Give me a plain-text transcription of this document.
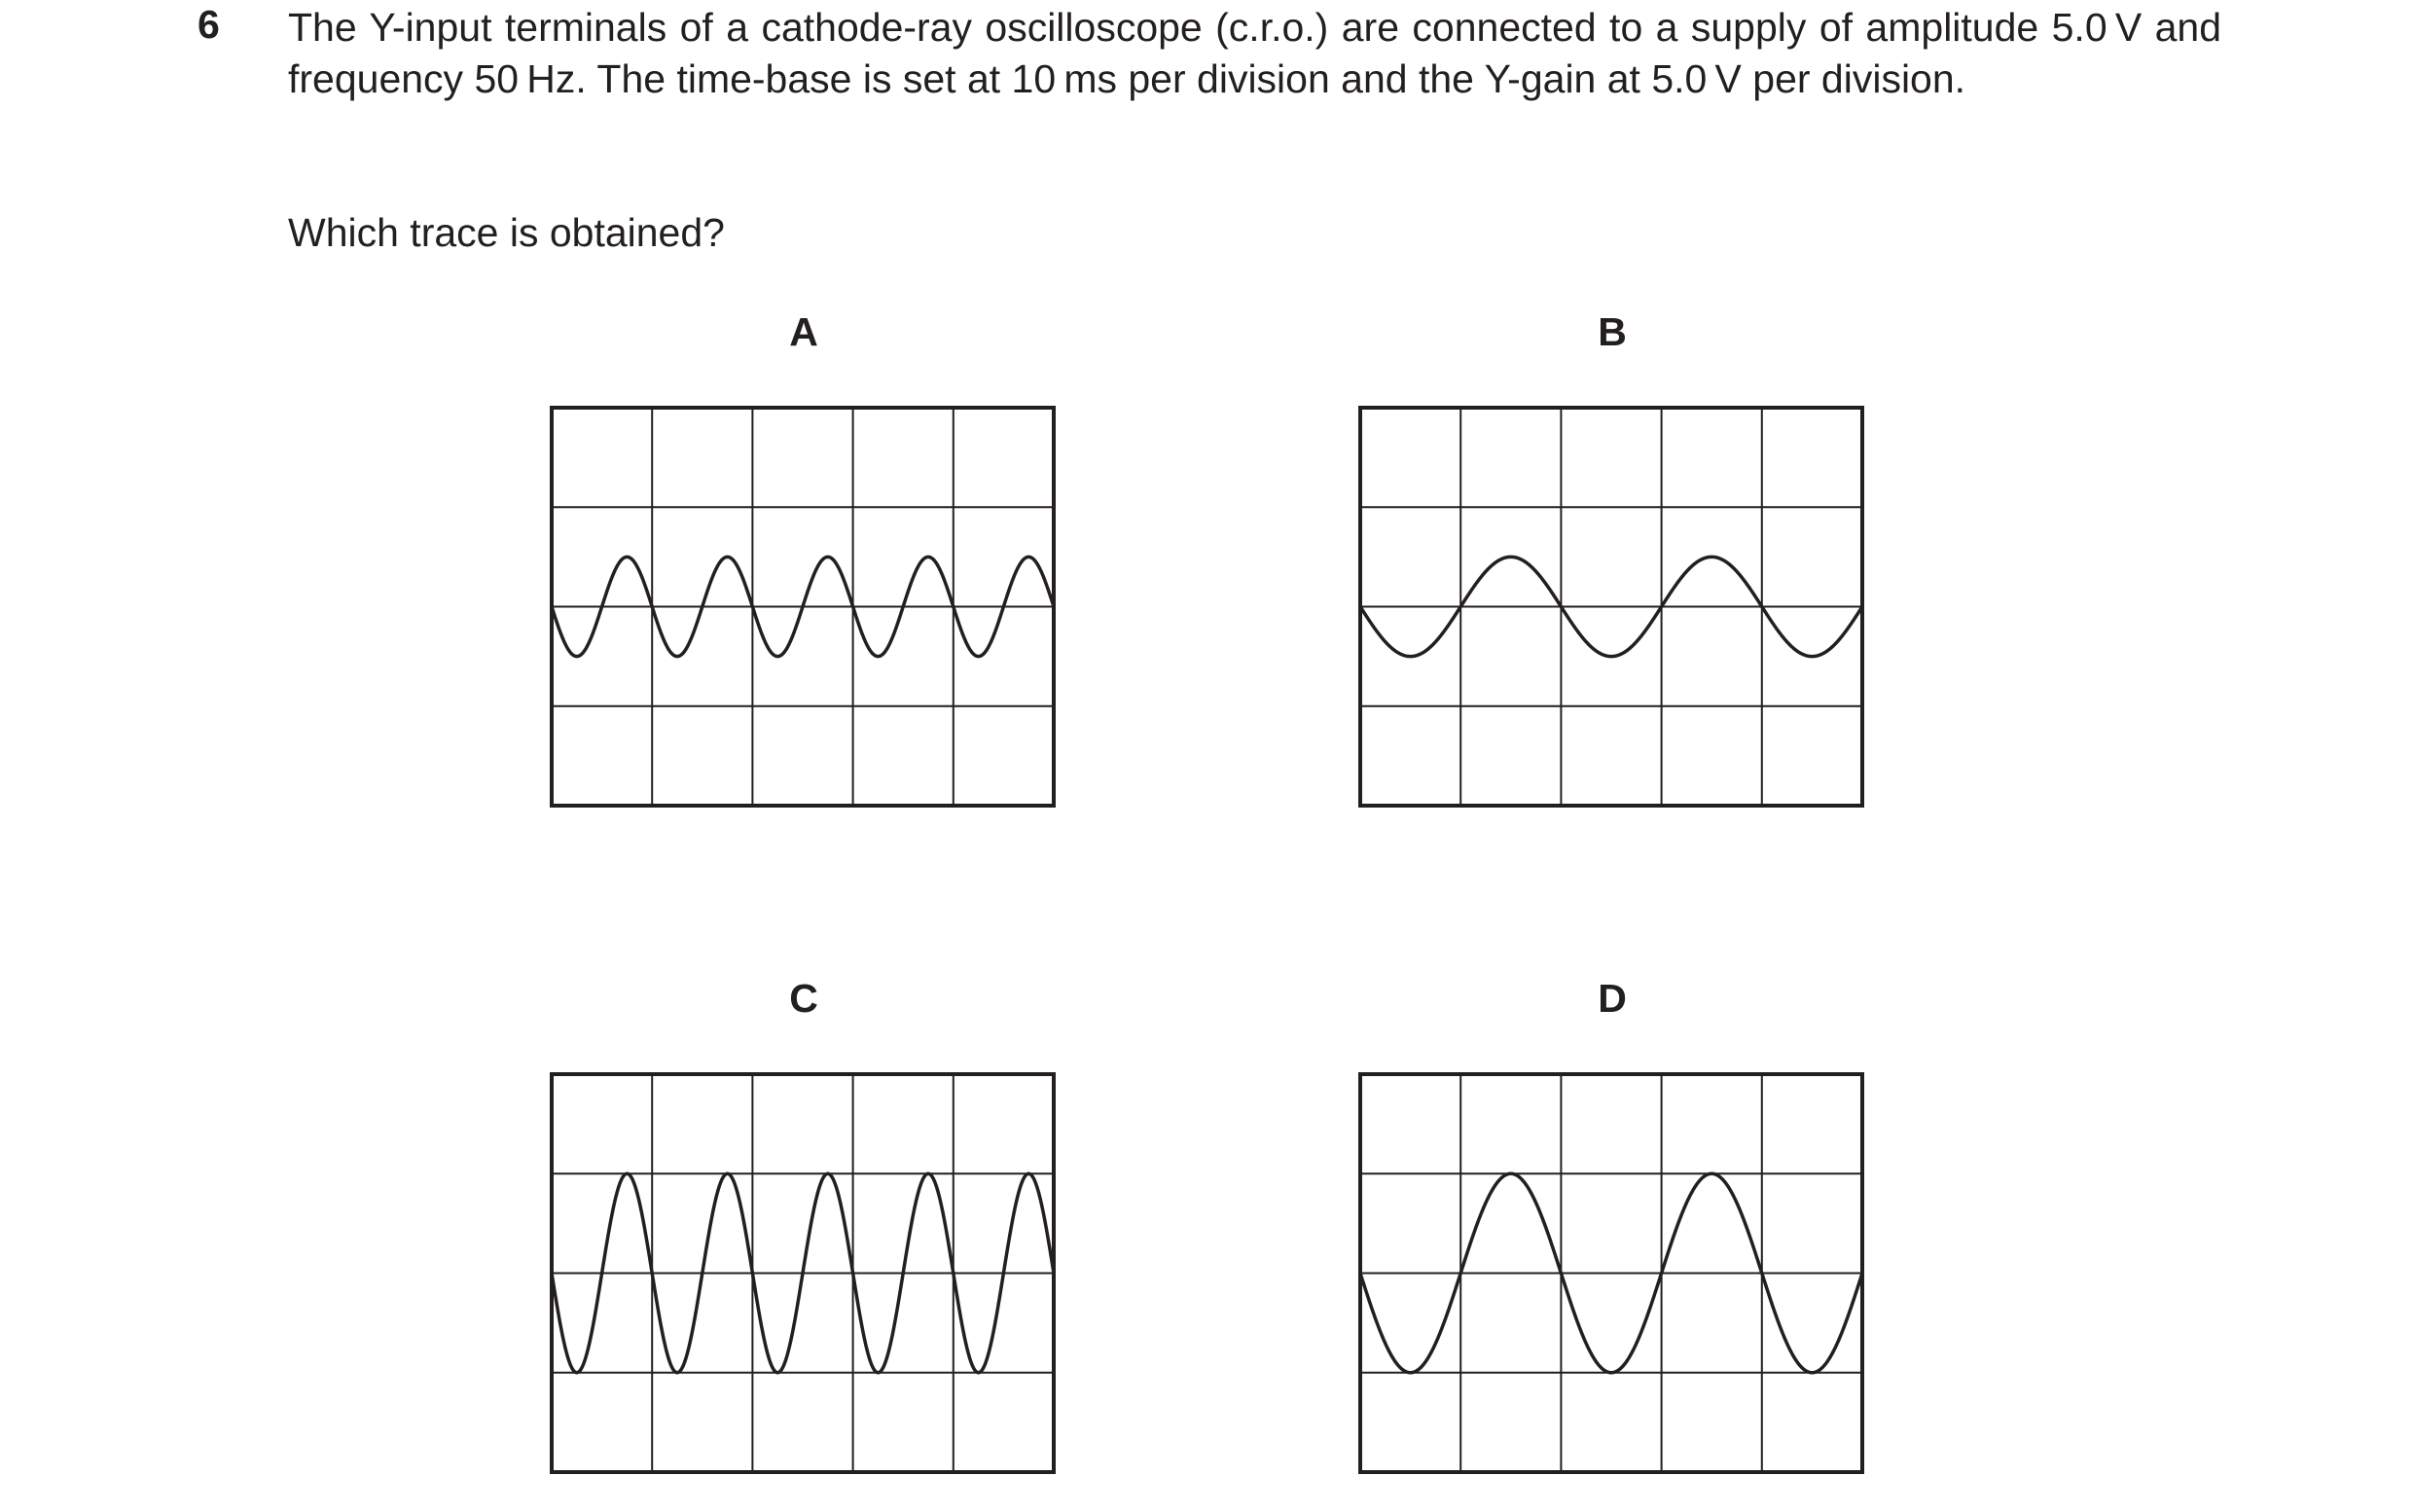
6 The Y-input terminals of a cathode-ray oscilloscope (c.r.o.) are connected to a supply of amplitude 5.0 V and frequency 50 Hz. The time-base is set at 10 ms per division and the Y-gain at 5.0 V per division.
Which trace is obtained?
A	B
C	D
